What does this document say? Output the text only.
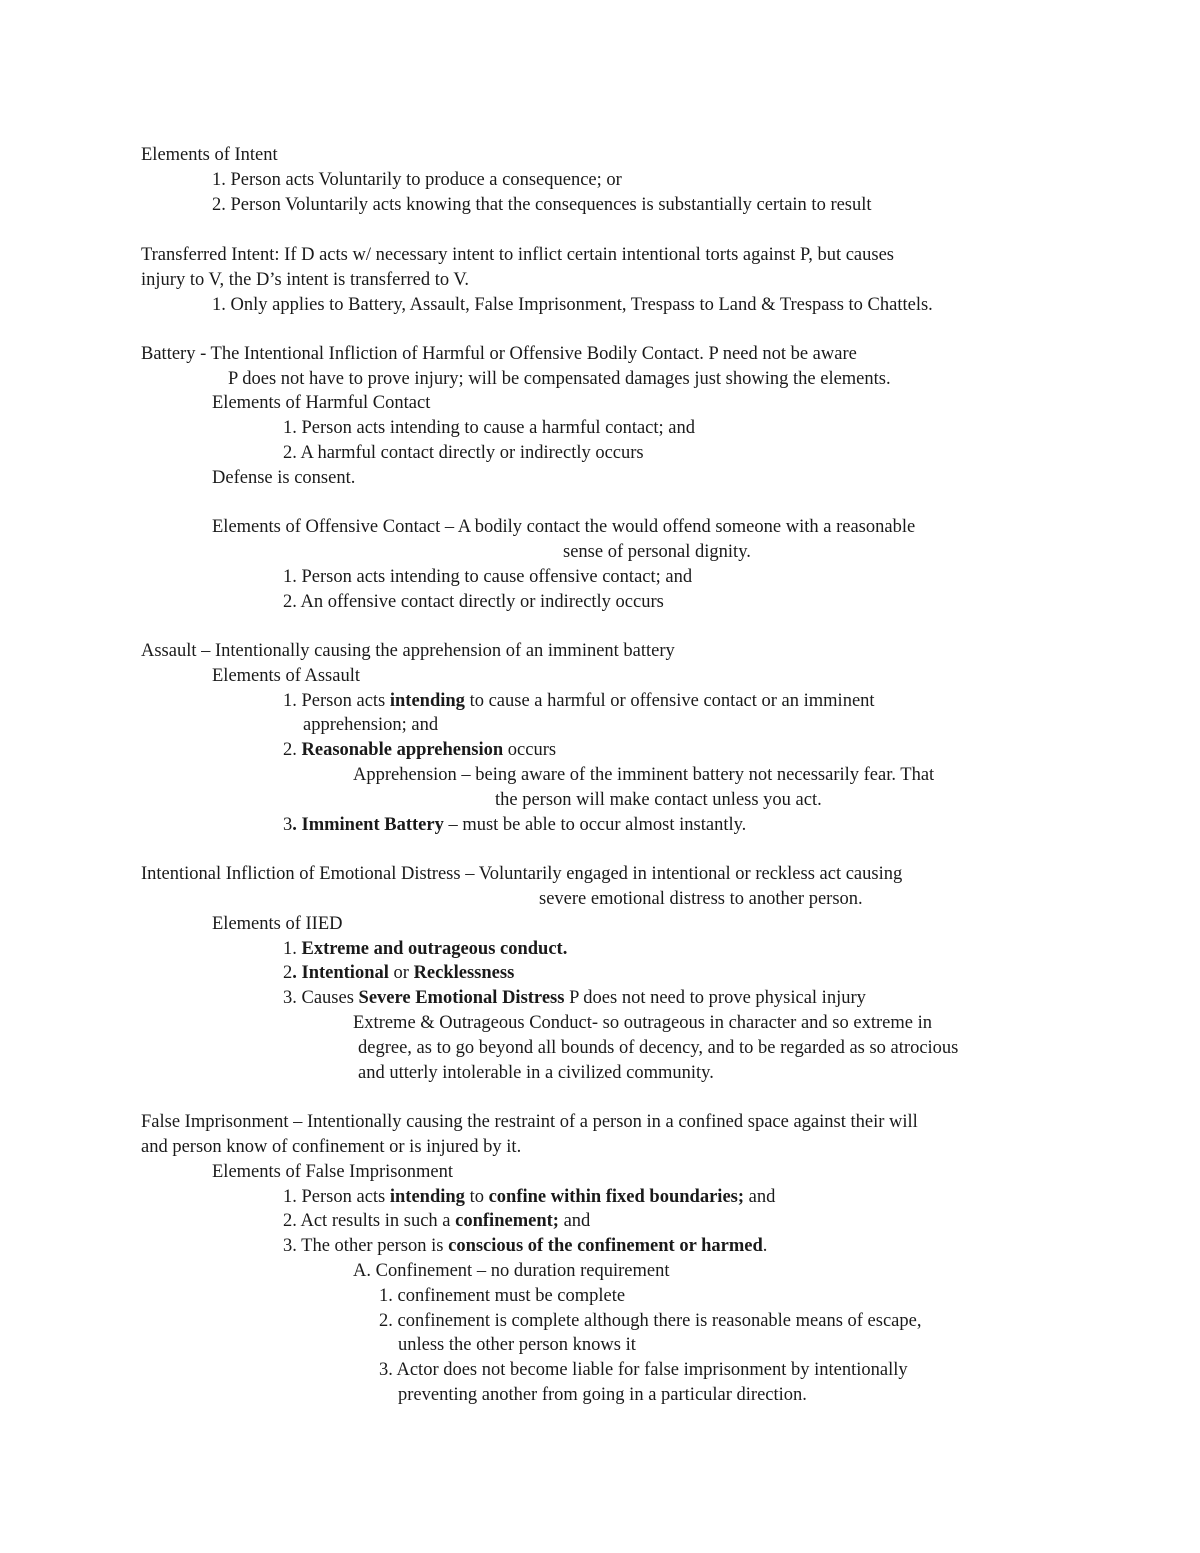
Elements of Intent
1. Person acts Voluntarily to produce a consequence; or
2. Person Voluntarily acts knowing that the consequences is substantially certain to result
Transferred Intent: If D acts w/ necessary intent to inflict certain intentional torts against P, but causes
injury to V, the D’s intent is transferred to V.
1. Only applies to Battery, Assault, False Imprisonment, Trespass to Land & Trespass to Chattels.
Battery - The Intentional Infliction of Harmful or Offensive Bodily Contact. P need not be aware
P does not have to prove injury; will be compensated damages just showing the elements.
Elements of Harmful Contact
1. Person acts intending to cause a harmful contact; and
2. A harmful contact directly or indirectly occurs
Defense is consent.
Elements of Offensive Contact – A bodily contact the would offend someone with a reasonable
sense of personal dignity.
1. Person acts intending to cause offensive contact; and
2. An offensive contact directly or indirectly occurs
Assault – Intentionally causing the apprehension of an imminent battery
Elements of Assault
1. Person acts intending to cause a harmful or offensive contact or an imminent
apprehension; and
2. Reasonable apprehension occurs
Apprehension – being aware of the imminent battery not necessarily fear. That
the person will make contact unless you act.
3. Imminent Battery – must be able to occur almost instantly.
Intentional Infliction of Emotional Distress – Voluntarily engaged in intentional or reckless act causing
severe emotional distress to another person.
Elements of IIED
1. Extreme and outrageous conduct.
2. Intentional or Recklessness
3. Causes Severe Emotional Distress P does not need to prove physical injury
Extreme & Outrageous Conduct- so outrageous in character and so extreme in
degree, as to go beyond all bounds of decency, and to be regarded as so atrocious
and utterly intolerable in a civilized community.
False Imprisonment – Intentionally causing the restraint of a person in a confined space against their will
and person know of confinement or is injured by it.
Elements of False Imprisonment
1. Person acts intending to confine within fixed boundaries; and
2. Act results in such a confinement; and
3. The other person is conscious of the confinement or harmed.
A. Confinement – no duration requirement
1. confinement must be complete
2. confinement is complete although there is reasonable means of escape,
unless the other person knows it
3. Actor does not become liable for false imprisonment by intentionally
preventing another from going in a particular direction.
